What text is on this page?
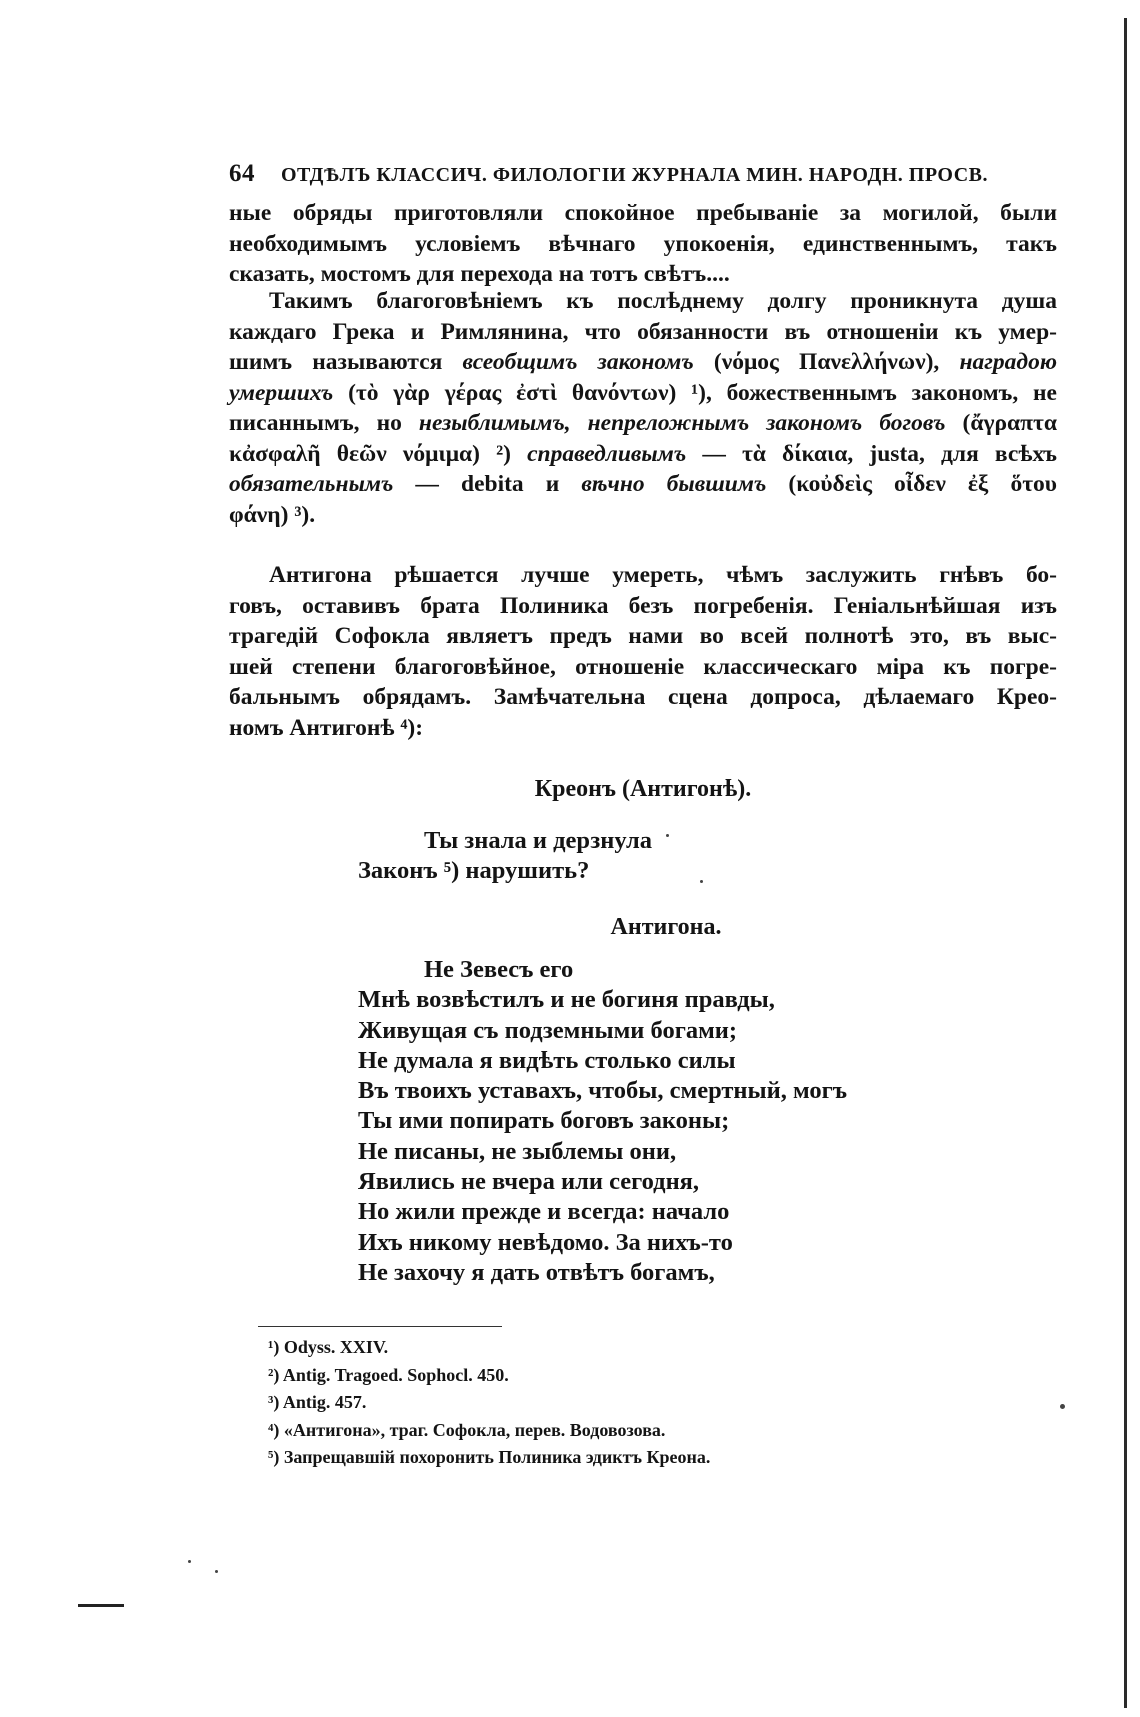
64 ОТДѢЛЪ КЛАССИЧ. ФИЛОЛОГІИ ЖУРНАЛА МИН. НАРОДН. ПРОСВ.
ные обряды приготовляли спокойное пребываніе за могилой, были
необходимымъ условіемъ вѣчнаго упокоенія, единственнымъ, такъ
сказать, мостомъ для перехода на тотъ свѣтъ....
Такимъ благоговѣніемъ къ послѣднему долгу проникнута душа
каждаго Грека и Римлянина, что обязанности въ отношеніи къ умер-
шимъ называются всеобщимъ закономъ (νόμος Πανελλήνων), наградою
умершихъ (τὸ γὰρ γέρας ἐστὶ θανόντων) ¹), божественнымъ закономъ, не
писаннымъ, но незыблимымъ, непреложнымъ закономъ боговъ (ἄγραπτα
κἀσφαλῆ θεῶν νόμιμα) ²) справедливымъ — τὰ δίκαια, justa, для всѣхъ
обязательнымъ — debita и вѣчно бывшимъ (κοὐδεὶς οἶδεν ἐξ ὅτου
φάνη) ³).
Антигона рѣшается лучше умереть, чѣмъ заслужить гнѣвъ бо-
говъ, оставивъ брата Полиника безъ погребенія. Геніальнѣйшая изъ
трагедій Софокла являетъ предъ нами во всей полнотѣ это, въ выс-
шей степени благоговѣйное, отношеніе классическаго міра къ погре-
бальнымъ обрядамъ. Замѣчательна сцена допроса, дѣлаемаго Крео-
номъ Антигонѣ ⁴):
Креонъ (Антигонѣ).
Ты знала и дерзнула
Законъ ⁵) нарушить?
Антигона.
Не Зевесъ его
Мнѣ возвѣстилъ и не богиня правды,
Живущая съ подземными богами;
Не думала я видѣть столько силы
Въ твоихъ уставахъ, чтобы, смертный, могъ
Ты ими попирать боговъ законы;
Не писаны, не зыблемы они,
Явились не вчера или сегодня,
Но жили прежде и всегда: начало
Ихъ никому невѣдомо. За нихъ-то
Не захочу я дать отвѣтъ богамъ,
¹) Odyss. XXIV.
²) Antig. Tragoed. Sophocl. 450.
³) Antig. 457.
⁴) «Антигона», траг. Софокла, перев. Водовозова.
⁵) Запрещавшій похоронить Полиника эдиктъ Креона.
